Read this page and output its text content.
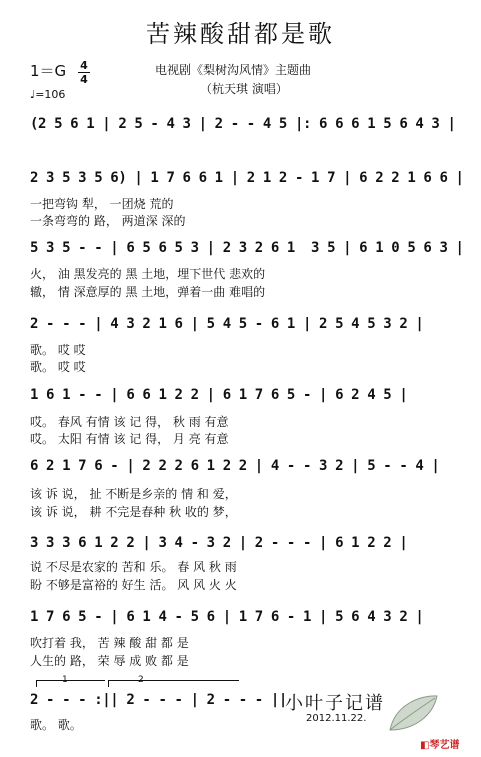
苦辣酸甜都是歌
1＝G 4
4
♩=106
电视剧《梨树沟风情》主题曲
（杭天琪 演唱）
(2 5 6 1 | 2 5 - 4 3 | 2 - - 4 5 |: 6 6 6 1 5 6 4 3 |
2 3 5 3 5 6) | 1 7 6 6 1 | 2 1 2 - 1 7 | 6 2 2 1 6 6 |
一把弯钩 犁， 一团烧 荒的
一条弯弯的 路， 两道深 深的
5 3 5 - - | 6 5 6 5 3 | 2 3 2 6 1  3 5 | 6 1 0 5 6 3 |
火， 油 黑发亮的 黑 土地，埋下世代 悲欢的
辙， 情 深意厚的 黑 土地，弹着一曲 难唱的
2 - - - | 4 3 2 1 6 | 5 4 5 - 6 1 | 2 5 4 5 3 2 |
歌。 哎 哎
歌。 哎 哎
1 6 1 - - | 6 6 1 2 2 | 6 1 7 6 5 - | 6 2 4 5 |
哎。 春风 有情 该 记 得， 秋 雨 有意
哎。 太阳 有情 该 记 得， 月 亮 有意
6 2 1 7 6 - | 2 2 2 6 1 2 2 | 4 - - 3 2 | 5 - - 4 |
该 诉 说， 扯 不断是乡亲的 情 和 爱，
该 诉 说， 耕 不完是春种 秋 收的 梦，
3 3 3 6 1 2 2 | 3 4 - 3 2 | 2 - - - | 6 1 2 2 |
说 不尽是农家的 苦和 乐。 春 风 秋 雨
盼 不够是富裕的 好生 活。 风 风 火 火
1 7 6 5 - | 6 1 4 - 5 6 | 1 7 6 - 1 | 5 6 4 3 2 |
吹打着 我， 苦 辣 酸 甜 都 是
人生的 路， 荣 辱 成 败 都 是
1	2
2 - - - :|| 2 - - - | 2 - - - ||
歌。 歌。
小叶子记谱
2012.11.22.
◧琴艺谱
